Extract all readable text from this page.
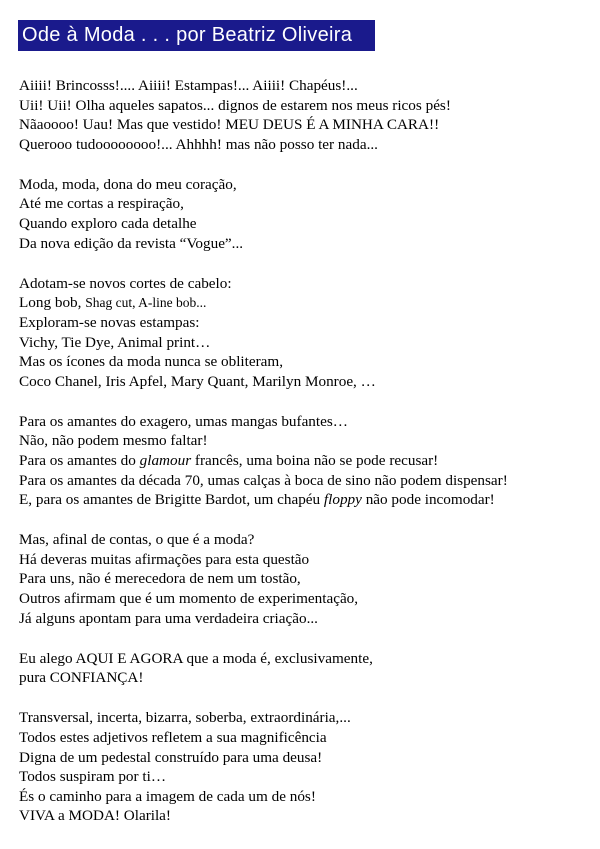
Ode à Moda . . . por Beatriz Oliveira
Aiiii! Brincosss!.... Aiiii! Estampas!... Aiiii! Chapéus!...
Uii! Uii! Olha aqueles sapatos... dignos de estarem nos meus ricos pés!
Nãaoooo! Uau! Mas que vestido! MEU DEUS É A MINHA CARA!!
Querooo tudoooooooo!... Ahhhh! mas não posso ter nada...
Moda, moda, dona do meu coração,
Até me cortas a respiração,
Quando exploro cada detalhe
Da nova edição da revista “Vogue”...
Adotam-se novos cortes de cabelo:
Long bob, Shag cut, A-line bob...
Exploram-se novas estampas:
Vichy, Tie Dye, Animal print…
Mas os ícones da moda nunca se obliteram,
Coco Chanel, Iris Apfel, Mary Quant, Marilyn Monroe, …
Para os amantes do exagero, umas mangas bufantes…
Não, não podem mesmo faltar!
Para os amantes do glamour francês, uma boina não se pode recusar!
Para os amantes da década 70, umas calças à boca de sino não podem dispensar!
E, para os amantes de Brigitte Bardot, um chapéu floppy não pode incomodar!
Mas, afinal de contas, o que é a moda?
Há deveras muitas afirmações para esta questão
Para uns, não é merecedora de nem um tostão,
Outros afirmam que é um momento de experimentação,
Já alguns apontam para uma verdadeira criação...
Eu alego AQUI E AGORA que a moda é, exclusivamente,
pura CONFIANÇA!
Transversal, incerta, bizarra, soberba, extraordinária,...
Todos estes adjetivos refletem a sua magnificência
Digna de um pedestal construído para uma deusa!
Todos suspiram por ti…
És o caminho para a imagem de cada um de nós!
VIVA a MODA! Olarila!
